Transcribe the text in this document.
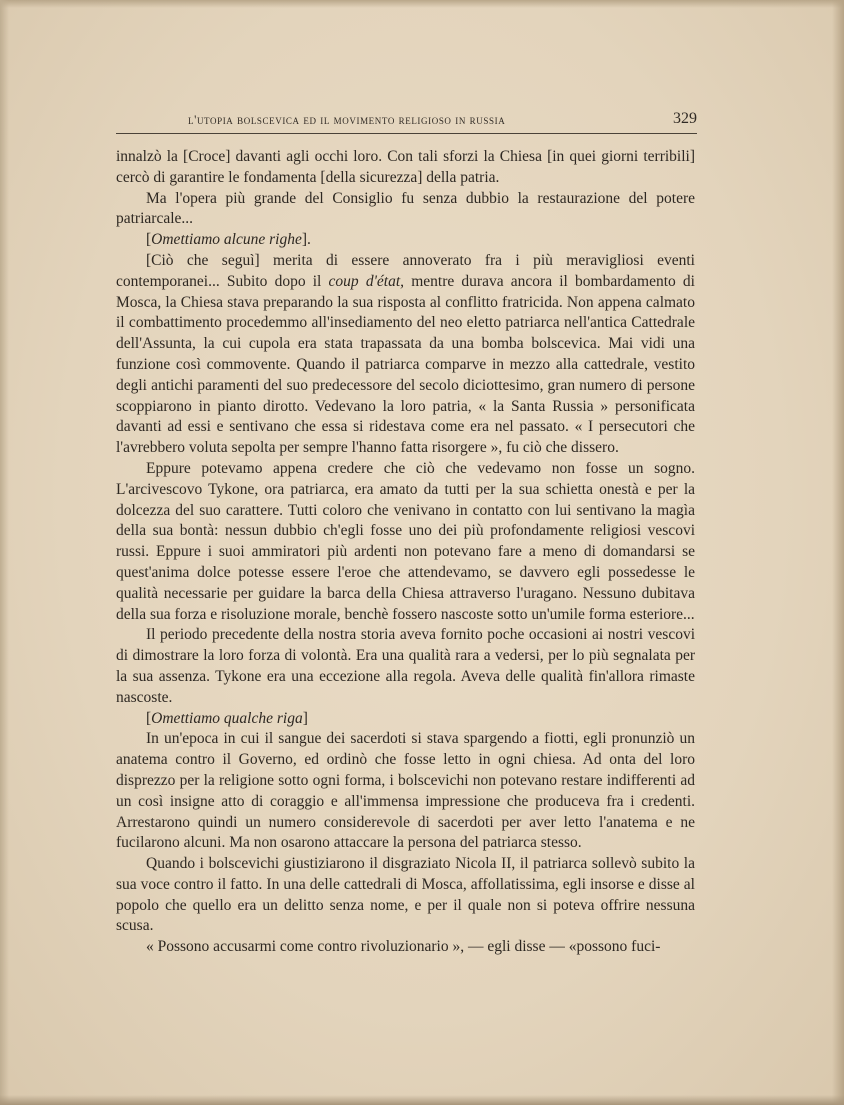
l'utopia bolscevica ed il movimento religioso in russia	329

innalzò la [Croce] davanti agli occhi loro. Con tali sforzi la Chiesa [in quei giorni terribili] cercò di garantire le fondamenta [della sicurezza] della patria.

Ma l'opera più grande del Consiglio fu senza dubbio la restaurazione del potere patriarcale...

[Omettiamo alcune righe].

[Ciò che seguì] merita di essere annoverato fra i più meravigliosi eventi contemporanei... Subito dopo il coup d'état, mentre durava ancora il bombardamento di Mosca, la Chiesa stava preparando la sua risposta al conflitto fratricida. Non appena calmato il combattimento procedemmo all'insediamento del neo eletto patriarca nell'antica Cattedrale dell'Assunta, la cui cupola era stata trapassata da una bomba bolscevica. Mai vidi una funzione così commovente. Quando il patriarca comparve in mezzo alla cattedrale, vestito degli antichi paramenti del suo predecessore del secolo diciottesimo, gran numero di persone scoppiarono in pianto dirotto. Vedevano la loro patria, « la Santa Russia » personificata davanti ad essi e sentivano che essa si ridestava come era nel passato. « I persecutori che l'avrebbero voluta sepolta per sempre l'hanno fatta risorgere », fu ciò che dissero.

Eppure potevamo appena credere che ciò che vedevamo non fosse un sogno. L'arcivescovo Tykone, ora patriarca, era amato da tutti per la sua schietta onestà e per la dolcezza del suo carattere. Tutti coloro che venivano in contatto con lui sentivano la magìa della sua bontà: nessun dubbio ch'egli fosse uno dei più profondamente religiosi vescovi russi. Eppure i suoi ammiratori più ardenti non potevano fare a meno di domandarsi se quest'anima dolce potesse essere l'eroe che attendevamo, se davvero egli possedesse le qualità necessarie per guidare la barca della Chiesa attraverso l'uragano. Nessuno dubitava della sua forza e risoluzione morale, benchè fossero nascoste sotto un'umile forma esteriore...

Il periodo precedente della nostra storia aveva fornito poche occasioni ai nostri vescovi di dimostrare la loro forza di volontà. Era una qualità rara a vedersi, per lo più segnalata per la sua assenza. Tykone era una eccezione alla regola. Aveva delle qualità fin'allora rimaste nascoste.

[Omettiamo qualche riga]

In un'epoca in cui il sangue dei sacerdoti si stava spargendo a fiotti, egli pronunziò un anatema contro il Governo, ed ordinò che fosse letto in ogni chiesa. Ad onta del loro disprezzo per la religione sotto ogni forma, i bolscevichi non potevano restare indifferenti ad un così insigne atto di coraggio e all'immensa impressione che produceva fra i credenti. Arrestarono quindi un numero considerevole di sacerdoti per aver letto l'anatema e ne fucilarono alcuni. Ma non osarono attaccare la persona del patriarca stesso.

Quando i bolscevichi giustiziarono il disgraziato Nicola II, il patriarca sollevò subito la sua voce contro il fatto. In una delle cattedrali di Mosca, affollatissima, egli insorse e disse al popolo che quello era un delitto senza nome, e per il quale non si poteva offrire nessuna scusa.

« Possono accusarmi come contro rivoluzionario », — egli disse — «possono fuci-
